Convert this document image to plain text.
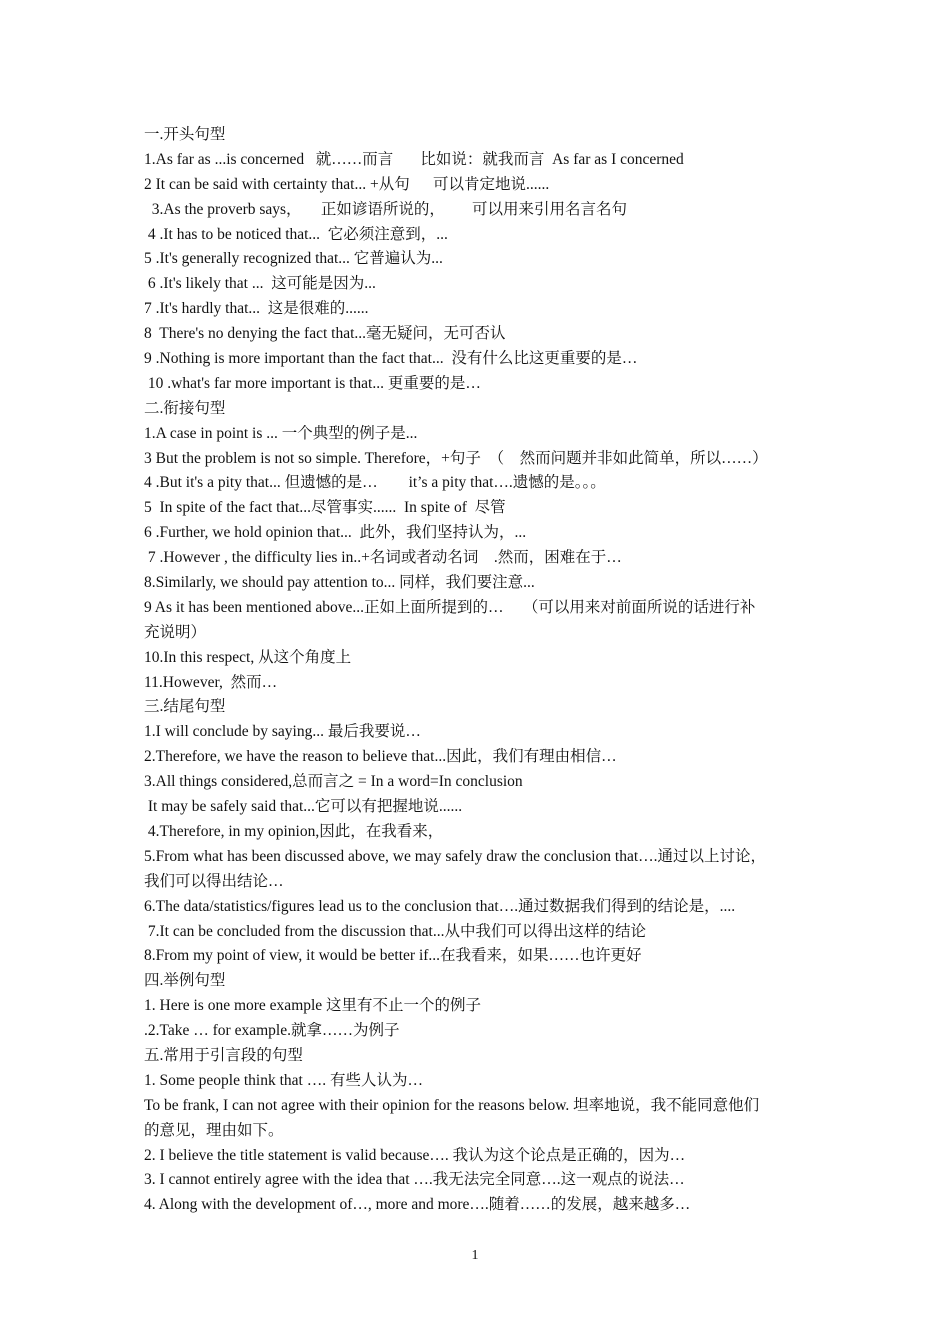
一.开头句型
1.As far as ...is concerned   就……而言       比如说：就我而言  As far as I concerned
2 It can be said with certainty that... +从句      可以肯定地说......
3.As the proverb says，     正如谚语所说的，       可以用来引用名言名句
4 .It has to be noticed that...  它必须注意到，...
5 .It's generally recognized that... 它普遍认为...
6 .It's likely that ...  这可能是因为...
7 .It's hardly that...  这是很难的......
8  There's no denying the fact that...毫无疑问，无可否认
9 .Nothing is more important than the fact that...  没有什么比这更重要的是…
10 .what's far more important is that... 更重要的是…
二.衔接句型
1.A case in point is ... 一个典型的例子是...
3 But the problem is not so simple. Therefore，+句子  （    然而问题并非如此简单，所以……）
4 .But it's a pity that... 但遗憾的是…        it’s a pity that….遗憾的是。。。
5  In spite of the fact that...尽管事实......  In spite of  尽管
6 .Further, we hold opinion that...  此外，我们坚持认为，...
7 .However , the difficulty lies in..+名词或者动名词    .然而，困难在于…
8.Similarly, we should pay attention to... 同样，我们要注意...
9 As it has been mentioned above...正如上面所提到的…     （可以用来对前面所说的话进行补
充说明）
10.In this respect, 从这个角度上
11.However,  然而…
三.结尾句型
1.I will conclude by saying... 最后我要说…
2.Therefore, we have the reason to believe that...因此，我们有理由相信…
3.All things considered,总而言之 = In a word=In conclusion
It may be safely said that...它可以有把握地说......
4.Therefore, in my opinion,因此，在我看来，
5.From what has been discussed above, we may safely draw the conclusion that….通过以上讨论，
我们可以得出结论…
6.The data/statistics/figures lead us to the conclusion that….通过数据我们得到的结论是，....
7.It can be concluded from the discussion that...从中我们可以得出这样的结论
8.From my point of view, it would be better if...在我看来，如果……也许更好
四.举例句型
1. Here is one more example 这里有不止一个的例子
.2.Take … for example.就拿……为例子
五.常用于引言段的句型
1. Some people think that …. 有些人认为…
To be frank, I can not agree with their opinion for the reasons below. 坦率地说，我不能同意他们
的意见，理由如下。
2. I believe the title statement is valid because…. 我认为这个论点是正确的，因为…
3. I cannot entirely agree with the idea that ….我无法完全同意….这一观点的说法…
4. Along with the development of…, more and more….随着……的发展，越来越多…
1
